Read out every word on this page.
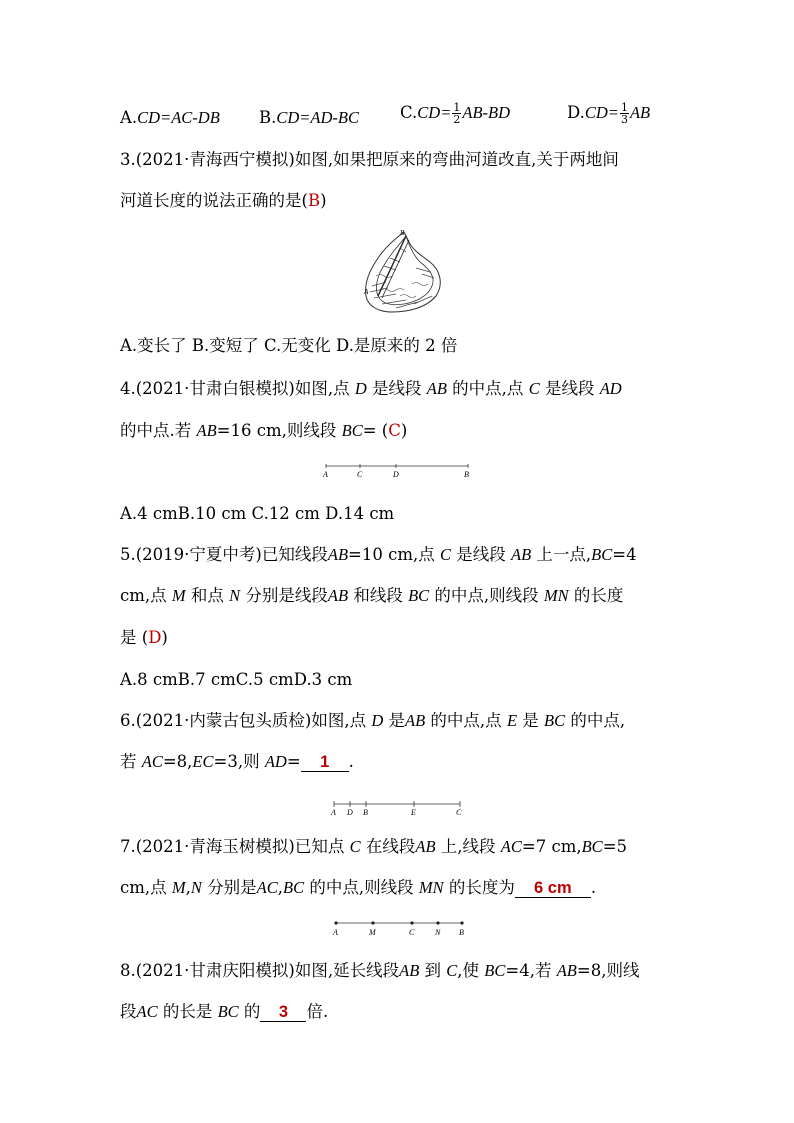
A.CD=AC-DB B.CD=AD-BC $C.CD= \frac{1}{2} AB-BD$	$D.CD= \frac{1}{3}$ AB
3.(2021·青海西宁模拟)如图,如果把原来的弯曲河道改直,关于两地间
河道长度的说法正确的是(B)
B
A
A.变长了 B.变短了 C.无变化 D.是原来的 2 倍
4.(2021·甘肃白银模拟)如图,点 D 是线段 AB 的中点,点 C 是线段 AD
的中点.若 AB=16 cm,则线段 BC= (C)
A	C	D	B
A.4 cmB.10 cm C.12 cm D.14 cm
5.(2019·宁夏中考)已知线段AB=10 cm,点 C 是线段 AB 上一点,BC=4
cm,点 M 和点 N 分别是线段AB 和线段 BC 的中点,则线段 MN 的长度
是 (D)
A.8 cmB.7 cmC.5 cmD.3 cm
6.(2021·内蒙古包头质检)如图,点 D 是AB 的中点,点 E 是 BC 的中点,
若 AC=8,EC=3,则 AD= 1 .
A D B	E	C
7.(2021·青海玉树模拟)已知点 C 在线段AB 上,线段 AC=7 cm,BC=5
cm,点 M,N 分别是AC,BC 的中点,则线段 MN 的长度为 6 cm .
A	M	C	N B
8.(2021·甘肃庆阳模拟)如图,延长线段AB 到 C,使 BC=4,若 AB=8,则线
段AC 的长是 BC 的 3 倍.
